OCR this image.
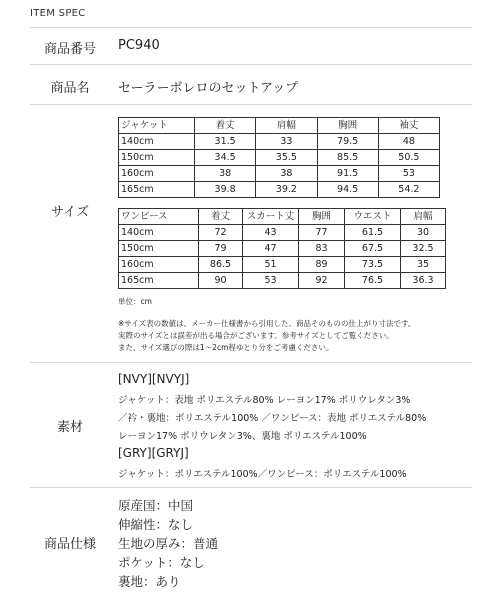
ITEM SPEC
商品番号	PC940
商品名	セーラーボレロのセットアップ
サイズ
ジャケット	着丈	肩幅	胸囲	袖丈
140cm	31.5	33	79.5	48
150cm	34.5	35.5	85.5	50.5
160cm	38	38	91.5	53
165cm	39.8	39.2	94.5	54.2
ワンピース	着丈	スカート丈	胸囲	ウエスト	肩幅
140cm	72	43	77	61.5	30
150cm	79	47	83	67.5	32.5
160cm	86.5	51	89	73.5	35
165cm	90	53	92	76.5	36.3
単位：cm
※サイズ表の数値は、メーカー仕様書から引用した、商品そのものの仕上がり寸法です。
実際のサイズとは誤差が出る場合がございます。参考サイズとしてご覧ください。
また、サイズ選びの際は1～2cm程ゆとり分をご考慮ください。
素材
[NVY][NVYJ]
ジャケット：表地 ポリエステル80% レーヨン17% ポリウレタン3%
／衿・裏地：ポリエステル100% ／ワンピース：表地 ポリエステル80%
レーヨン17% ポリウレタン3%、裏地 ポリエステル100%
[GRY][GRYJ]
ジャケット：ポリエステル100%／ワンピース：ポリエステル100%
商品仕様
原産国：中国
伸縮性：なし
生地の厚み：普通
ポケット：なし
裏地：あり
